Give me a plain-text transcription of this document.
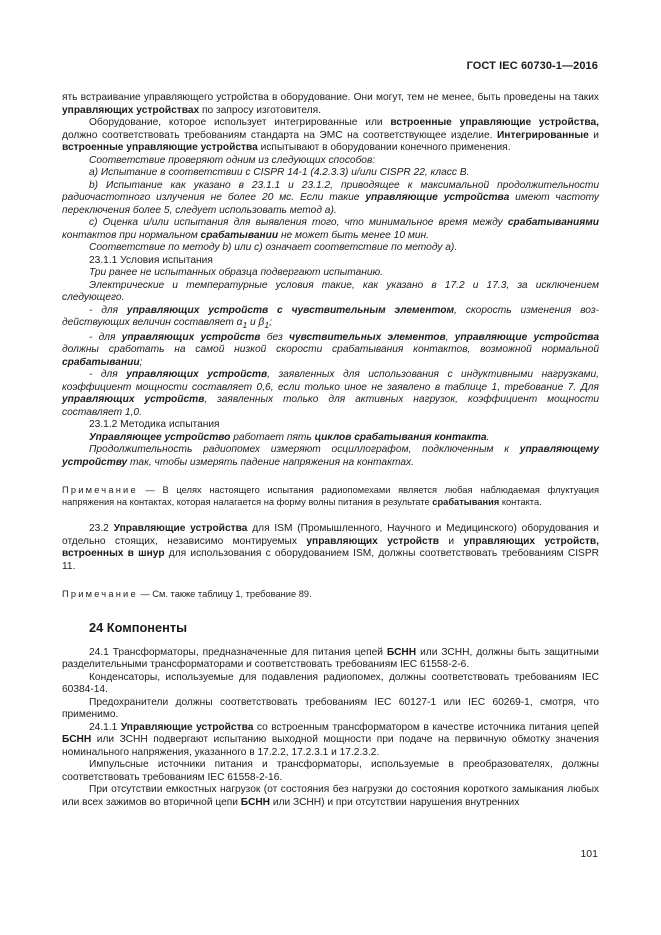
ГОСТ IEC 60730-1—2016

ять встраивание управляющего устройства в оборудование. Они могут, тем не менее, быть проведены на таких управляющих устройствах по запросу изготовителя.

Оборудование, которое использует интегрированные или встроенные управляющие устройства, должно соответствовать требованиям стандарта на ЭМС на соответствующее изделие. Интегрированные и встроенные управляющие устройства испытывают в оборудовании конечного применения.

Соответствие проверяют одним из следующих способов:

a) Испытание в соответствии с CISPR 14-1 (4.2.3.3) и/или CISPR 22, класс B.

b) Испытание как указано в 23.1.1 и 23.1.2, приводящее к максимальной продолжительности радиочастотного излучения не более 20 мс. Если такие управляющие устройства имеют частоту переключения более 5, следует использовать метод a).

c) Оценка и/или испытания для выявления того, что минимальное время между срабатываниями контактов при нормальном срабатывании не может быть менее 10 мин.

Соответствие по методу b) или c) означает соответствие по методу a).

23.1.1 Условия испытания

Три ранее не испытанных образца подвергают испытанию.

Электрические и температурные условия такие, как указано в 17.2 и 17.3, за исключением следующего.

- для управляющих устройств с чувствительным элементом, скорость изменения воздействующих величин составляет $\alpha_1$ и $\beta_1$;

- для управляющих устройств без чувствительных элементов, управляющие устройства должны сработать на самой низкой скорости срабатывания контактов, возможной нормальной срабатывании;

- для управляющих устройств, заявленных для использования с индуктивными нагрузками, коэффициент мощности составляет 0,6, если только иное не заявлено в таблице 1, требование 7. Для управляющих устройств, заявленных только для активных нагрузок, коэффициент мощности составляет 1,0.

23.1.2 Методика испытания

Управляющее устройство работает пять циклов срабатывания контакта.

Продолжительность радиопомех измеряют осциллографом, подключенным к управляющему устройству так, чтобы измерять падение напряжения на контактах.

Примечание — В целях настоящего испытания радиопомехами является любая наблюдаемая флуктуация напряжения на контактах, которая налагается на форму волны питания в результате срабатывания контакта.

23.2 Управляющие устройства для ISM (Промышленного, Научного и Медицинского) оборудования и отдельно стоящих, независимо монтируемых управляющих устройств и управляющих устройств, встроенных в шнур для использования с оборудованием ISM, должны соответствовать требованиям CISPR 11.

Примечание — См. также таблицу 1, требование 89.

24 Компоненты

24.1 Трансформаторы, предназначенные для питания цепей БСНН или ЗСНН, должны быть защитными разделительными трансформаторами и соответствовать требованиям IEC 61558-2-6.

Конденсаторы, используемые для подавления радиопомех, должны соответствовать требованиям IEC 60384-14.

Предохранители должны соответствовать требованиям IEC 60127-1 или IEC 60269-1, смотря, что применимо.

24.1.1 Управляющие устройства со встроенным трансформатором в качестве источника питания цепей БСНН или ЗСНН подвергают испытанию выходной мощности при подаче на первичную обмотку значения номинального напряжения, указанного в 17.2.2, 17.2.3.1 и 17.2.3.2.

Импульсные источники питания и трансформаторы, используемые в преобразователях, должны соответствовать требованиям IEC 61558-2-16.

При отсутствии емкостных нагрузок (от состояния без нагрузки до состояния короткого замыкания любых или всех зажимов во вторичной цепи БСНН или ЗСНН) и при отсутствии нарушения внутренних

101
